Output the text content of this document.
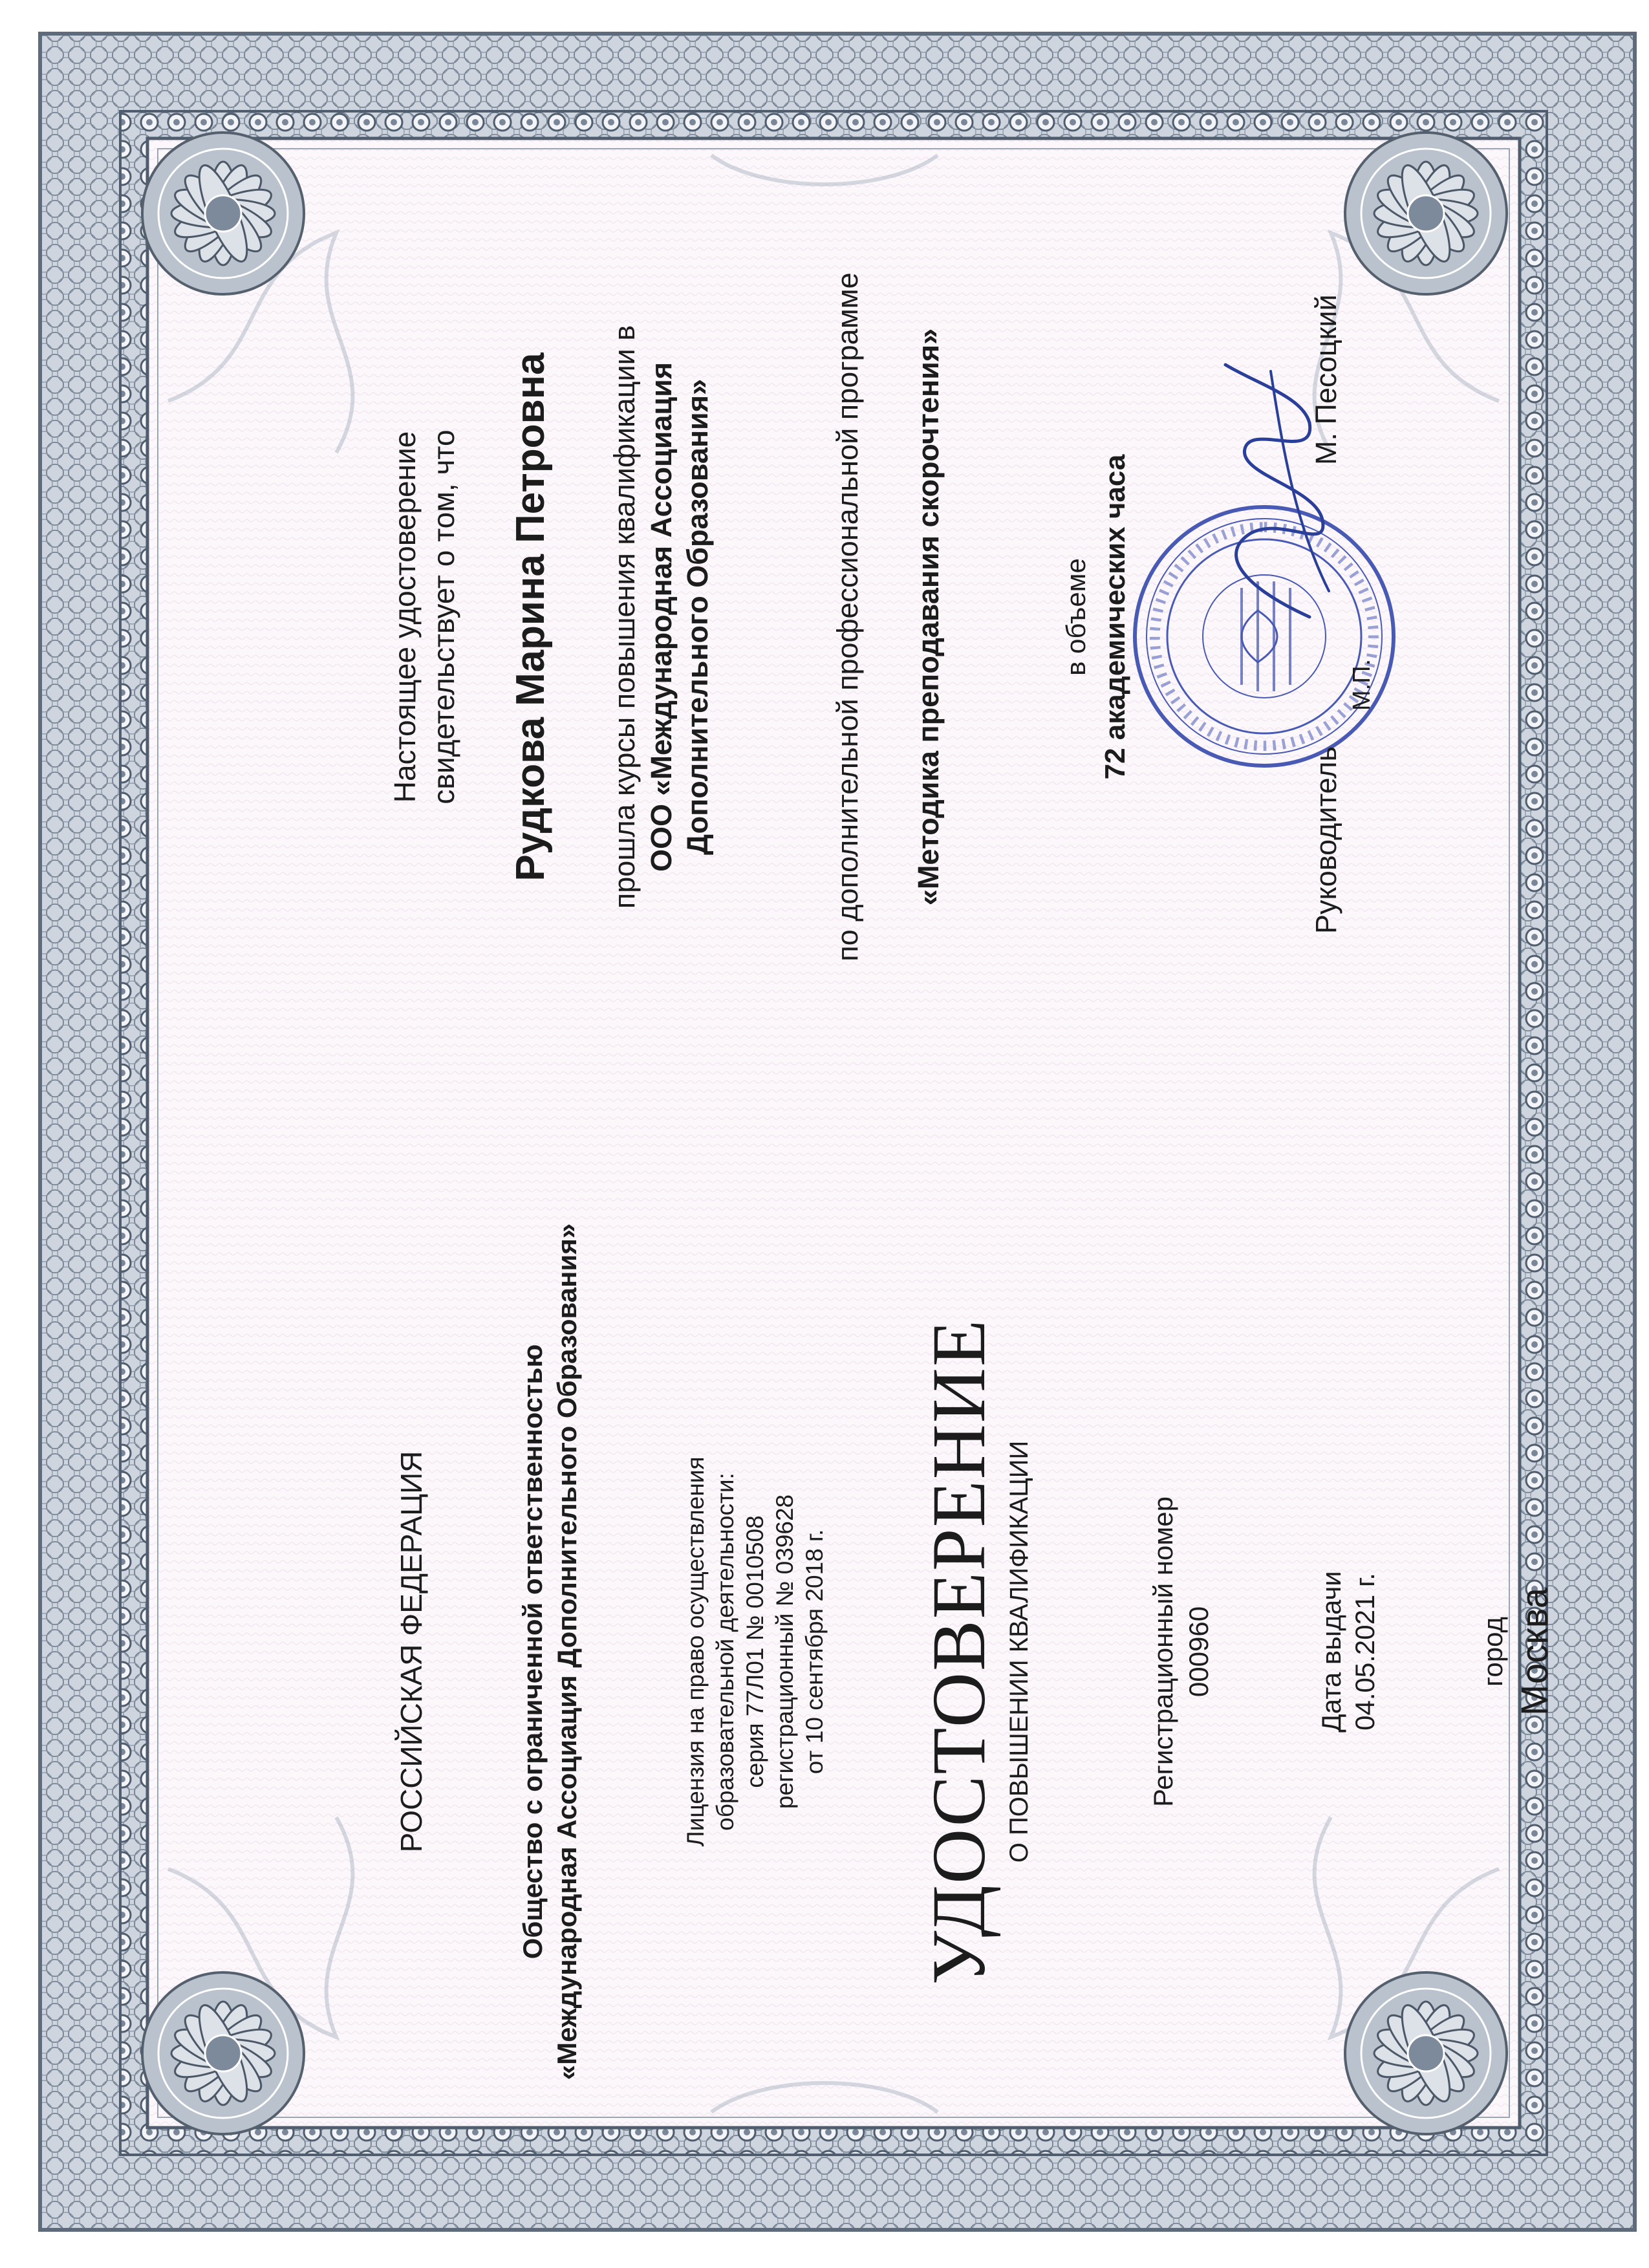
РОССИЙСКАЯ ФЕДЕРАЦИЯ	Общество с ограниченной ответственностью «Международная Ассоциация Дополнительного Образования»	Лицензия на право осуществления образовательной деятельности: серия 77Л01 № 0010508 регистрационный № 039628 от 10 сентября 2018 г. УДОСТОВЕРЕНИЕ О ПОВЫШЕНИИ КВАЛИФИКАЦИИ	Регистрационный номер 000960	Дата выдачи 04.05.2021 г.	город Москва
Настоящее удостоверение свидетельствует о том, что Рудкова Марина Петровна прошла курсы повышения квалификации в ООО «Международная Ассоциация Дополнительного Образования»	по дополнительной профессиональной программе «Методика преподавания скорочтения»	в объеме 72 академических часа
Руководитель
М.П.
М. Песоцкий
